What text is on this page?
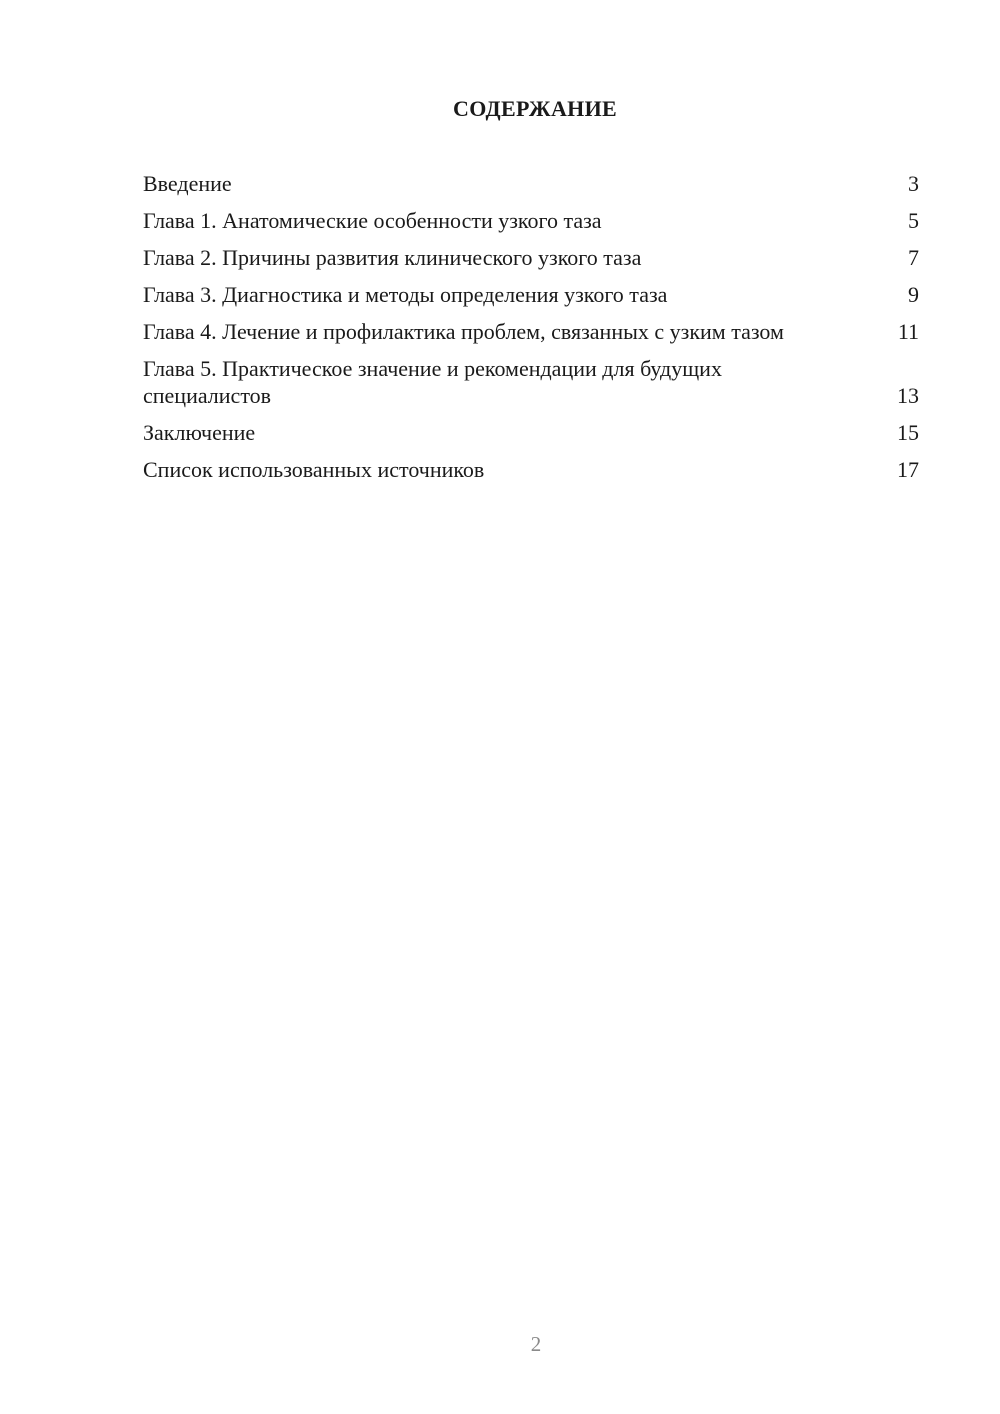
СОДЕРЖАНИЕ
Введение	3
Глава 1. Анатомические особенности узкого таза	5
Глава 2. Причины развития клинического узкого таза	7
Глава 3. Диагностика и методы определения узкого таза	9
Глава 4. Лечение и профилактика проблем, связанных с узким тазом	11
Глава 5. Практическое значение и рекомендации для будущих специалистов	13
Заключение	15
Список использованных источников	17
2
